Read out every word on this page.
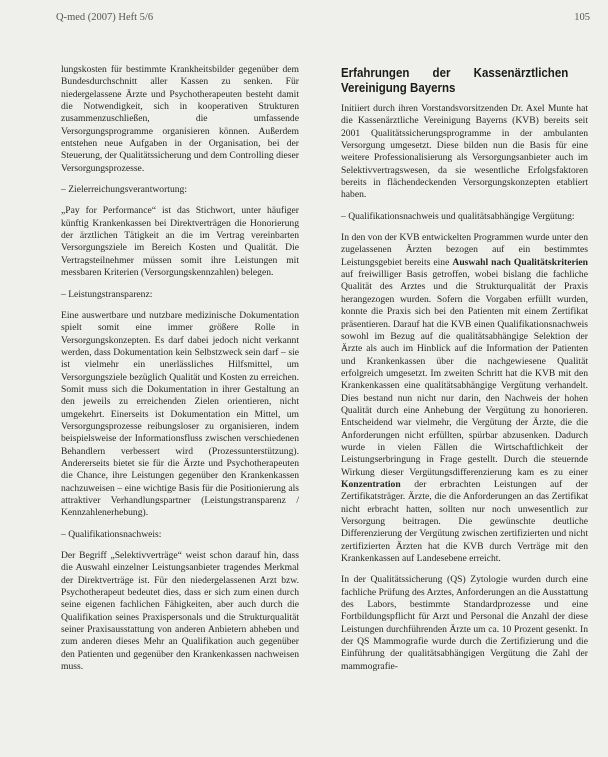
Q-med (2007) Heft 5/6	105

lungskosten für bestimmte Krankheitsbilder gegenüber dem Bundesdurchschnitt aller Kassen zu senken. Für niedergelassene Ärzte und Psychotherapeuten besteht damit die Notwendigkeit, sich in kooperativen Strukturen zusammenzuschließen, die umfassende Versorgungsprogramme organisieren können. Außerdem entstehen neue Aufgaben in der Organisation, bei der Steuerung, der Qualitätssicherung und dem Controlling dieser Versorgungsprozesse.

– Zielerreichungsverantwortung:

„Pay for Performance“ ist das Stichwort, unter häufiger künftig Krankenkassen bei Direktverträgen die Honorierung der ärztlichen Tätigkeit an die im Vertrag vereinbarten Versorgungsziele im Bereich Kosten und Qualität. Die Vertragsteilnehmer müssen somit ihre Leistungen mit messbaren Kriterien (Versorgungskennzahlen) belegen.

– Leistungstransparenz:

Eine auswertbare und nutzbare medizinische Dokumentation spielt somit eine immer größere Rolle in Versorgungskonzepten. Es darf dabei jedoch nicht verkannt werden, dass Dokumentation kein Selbstzweck sein darf – sie ist vielmehr ein unerlässliches Hilfsmittel, um Versorgungsziele bezüglich Qualität und Kosten zu erreichen. Somit muss sich die Dokumentation in ihrer Gestaltung an den jeweils zu erreichenden Zielen orientieren, nicht umgekehrt. Einerseits ist Dokumentation ein Mittel, um Versorgungsprozesse reibungsloser zu organisieren, indem beispielsweise der Informationsfluss zwischen verschiedenen Behandlern verbessert wird (Prozessunterstützung). Andererseits bietet sie für die Ärzte und Psychotherapeuten die Chance, ihre Leistungen gegenüber den Krankenkassen nachzuweisen – eine wichtige Basis für die Positionierung als attraktiver Verhandlungspartner (Leistungstransparenz / Kennzahlenerhebung).

– Qualifikationsnachweis:

Der Begriff „Selektivverträge“ weist schon darauf hin, dass die Auswahl einzelner Leistungsanbieter tragendes Merkmal der Direktverträge ist. Für den niedergelassenen Arzt bzw. Psychotherapeut bedeutet dies, dass er sich zum einen durch seine eigenen fachlichen Fähigkeiten, aber auch durch die Qualifikation seines Praxispersonals und die Strukturqualität seiner Praxisausstattung von anderen Anbietern abheben und zum anderen dieses Mehr an Qualifikation auch gegenüber den Patienten und gegenüber den Krankenkassen nachweisen muss.

Erfahrungen der Kassenärztlichen Vereinigung Bayerns

Initiiert durch ihren Vorstandsvorsitzenden Dr. Axel Munte hat die Kassenärztliche Vereinigung Bayerns (KVB) bereits seit 2001 Qualitätssicherungsprogramme in der ambulanten Versorgung umgesetzt. Diese bilden nun die Basis für eine weitere Professionalisierung als Versorgungsanbieter auch im Selektivvertragswesen, da sie wesentliche Erfolgsfaktoren bereits in flächendeckenden Versorgungskonzepten etabliert haben.

– Qualifikationsnachweis und qualitätsabhängige Vergütung:

In den von der KVB entwickelten Programmen wurde unter den zugelassenen Ärzten bezogen auf ein bestimmtes Leistungsgebiet bereits eine Auswahl nach Qualitätskriterien auf freiwilliger Basis getroffen, wobei bislang die fachliche Qualität des Arztes und die Strukturqualität der Praxis herangezogen wurden. Sofern die Vorgaben erfüllt wurden, konnte die Praxis sich bei den Patienten mit einem Zertifikat präsentieren. Darauf hat die KVB einen Qualifikationsnachweis sowohl im Bezug auf die qualitätsabhängige Selektion der Ärzte als auch im Hinblick auf die Information der Patienten und Krankenkassen über die nachgewiesene Qualität erfolgreich umgesetzt. Im zweiten Schritt hat die KVB mit den Krankenkassen eine qualitätsabhängige Vergütung verhandelt. Dies bestand nun nicht nur darin, den Nachweis der hohen Qualität durch eine Anhebung der Vergütung zu honorieren. Entscheidend war vielmehr, die Vergütung der Ärzte, die die Anforderungen nicht erfüllten, spürbar abzusenken. Dadurch wurde in vielen Fällen die Wirtschaftlichkeit der Leistungserbringung in Frage gestellt. Durch die steuernde Wirkung dieser Vergütungsdifferenzierung kam es zu einer Konzentration der erbrachten Leistungen auf der Zertifikatsträger. Ärzte, die die Anforderungen an das Zertifikat nicht erbracht hatten, sollten nur noch unwesentlich zur Versorgung beitragen. Die gewünschte deutliche Differenzierung der Vergütung zwischen zertifizierten und nicht zertifizierten Ärzten hat die KVB durch Verträge mit den Krankenkassen auf Landesebene erreicht.

In der Qualitätssicherung (QS) Zytologie wurden durch eine fachliche Prüfung des Arztes, Anforderungen an die Ausstattung des Labors, bestimmte Standardprozesse und eine Fortbildungspflicht für Arzt und Personal die Anzahl der diese Leistungen durchführenden Ärzte um ca. 10 Prozent gesenkt. In der QS Mammografie wurde durch die Zertifizierung und die Einführung der qualitätsabhängigen Vergütung die Zahl der mammografie-
